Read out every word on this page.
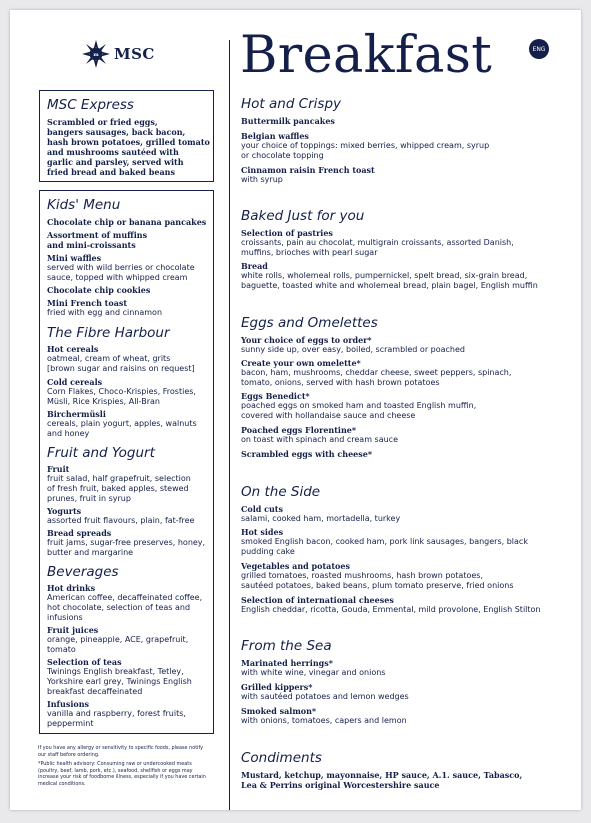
m MSC Breakfast	ENG
MSC Express
Scrambled or fried eggs,
bangers sausages, back bacon,
hash brown potatoes, grilled tomato
and mushrooms sautéed with
garlic and parsley, served with
fried bread and baked beans
Kids' Menu
Chocolate chip or banana pancakes
Assortment of muffins
and mini-croissants
Mini waffles
served with wild berries or chocolate
sauce, topped with whipped cream
Chocolate chip cookies
Mini French toast
fried with egg and cinnamon
The Fibre Harbour
Hot cereals
oatmeal, cream of wheat, grits
[brown sugar and raisins on request]
Cold cereals
Corn Flakes, Choco-Krispies, Frosties,
Müsli, Rice Krispies, All-Bran
Birchermüsli
cereals, plain yogurt, apples, walnuts
and honey
Fruit and Yogurt
Fruit
fruit salad, half grapefruit, selection
of fresh fruit, baked apples, stewed
prunes, fruit in syrup
Yogurts
assorted fruit flavours, plain, fat-free
Bread spreads
fruit jams, sugar-free preserves, honey,
butter and margarine
Beverages
Hot drinks
American coffee, decaffeinated coffee,
hot chocolate, selection of teas and
infusions
Fruit juices
orange, pineapple, ACE, grapefruit,
tomato
Selection of teas
Twinings English breakfast, Tetley,
Yorkshire earl grey, Twinings English
breakfast decaffeinated
Infusions
vanilla and raspberry, forest fruits,
peppermint
If you have any allergy or sensitivity to specific foods, please notify
our staff before ordering.
*Public health advisory: Consuming raw or undercooked meats
(poultry, beef, lamb, pork, etc.), seafood, shellfish or eggs may
increase your risk of foodborne illness, especially if you have certain
medical conditions.
Hot and Crispy
Buttermilk pancakes
Belgian waffles
your choice of toppings: mixed berries, whipped cream, syrup
or chocolate topping
Cinnamon raisin French toast
with syrup
Baked Just for you
Selection of pastries
croissants, pain au chocolat, multigrain croissants, assorted Danish,
muffins, brioches with pearl sugar
Bread
white rolls, wholemeal rolls, pumpernickel, spelt bread, six-grain bread,
baguette, toasted white and wholemeal bread, plain bagel, English muffin
Eggs and Omelettes
Your choice of eggs to order*
sunny side up, over easy, boiled, scrambled or poached
Create your own omelette*
bacon, ham, mushrooms, cheddar cheese, sweet peppers, spinach,
tomato, onions, served with hash brown potatoes
Eggs Benedict*
poached eggs on smoked ham and toasted English muffin,
covered with hollandaise sauce and cheese
Poached eggs Florentine*
on toast with spinach and cream sauce
Scrambled eggs with cheese*
On the Side
Cold cuts
salami, cooked ham, mortadella, turkey
Hot sides
smoked English bacon, cooked ham, pork link sausages, bangers, black
pudding cake
Vegetables and potatoes
grilled tomatoes, roasted mushrooms, hash brown potatoes,
sautéed potatoes, baked beans, plum tomato preserve, fried onions
Selection of international cheeses
English cheddar, ricotta, Gouda, Emmental, mild provolone, English Stilton
From the Sea
Marinated herrings*
with white wine, vinegar and onions
Grilled kippers*
with sautéed potatoes and lemon wedges
Smoked salmon*
with onions, tomatoes, capers and lemon
Condiments
Mustard, ketchup, mayonnaise, HP sauce, A.1. sauce, Tabasco,
Lea & Perrins original Worcestershire sauce
